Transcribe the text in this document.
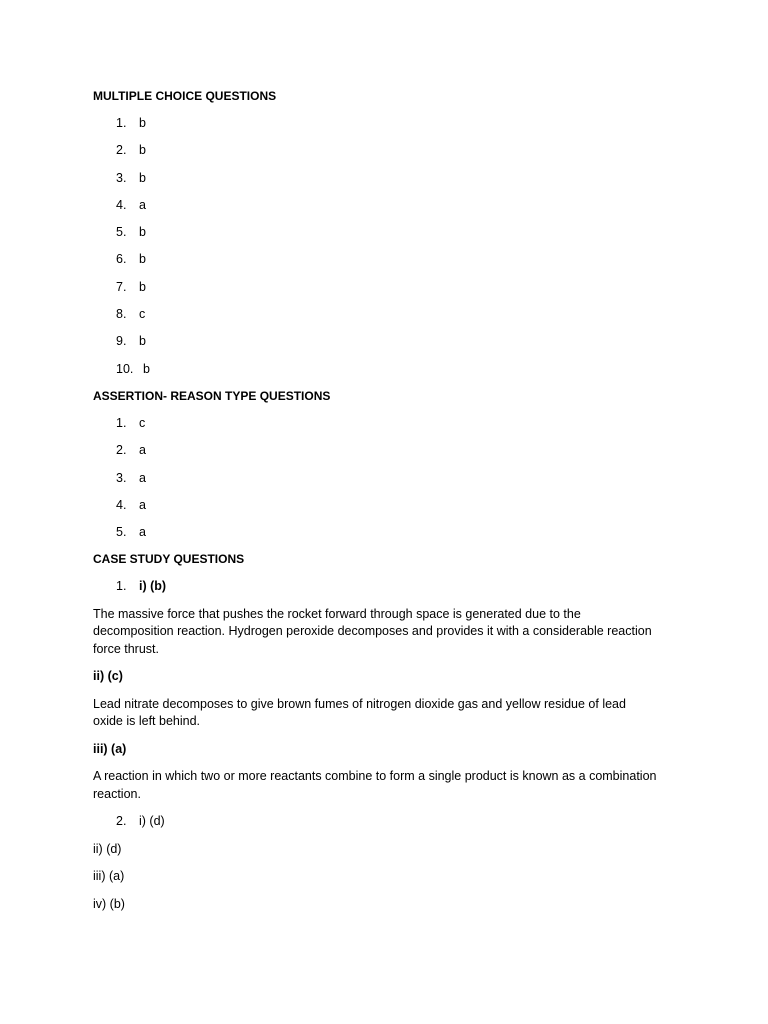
MULTIPLE CHOICE QUESTIONS
1. b
2. b
3. b
4. a
5. b
6. b
7. b
8. c
9. b
10. b
ASSERTION- REASON TYPE QUESTIONS
1. c
2. a
3. a
4. a
5. a
CASE STUDY QUESTIONS
1. i) (b)

The massive force that pushes the rocket forward through space is generated due to the decomposition reaction. Hydrogen peroxide decomposes and provides it with a considerable reaction force thrust.

ii) (c)

Lead nitrate decomposes to give brown fumes of nitrogen dioxide gas and yellow residue of lead oxide is left behind.

iii) (a)

A reaction in which two or more reactants combine to form a single product is known as a combination reaction.

2. i) (d)
ii) (d)
iii) (a)
iv) (b)
